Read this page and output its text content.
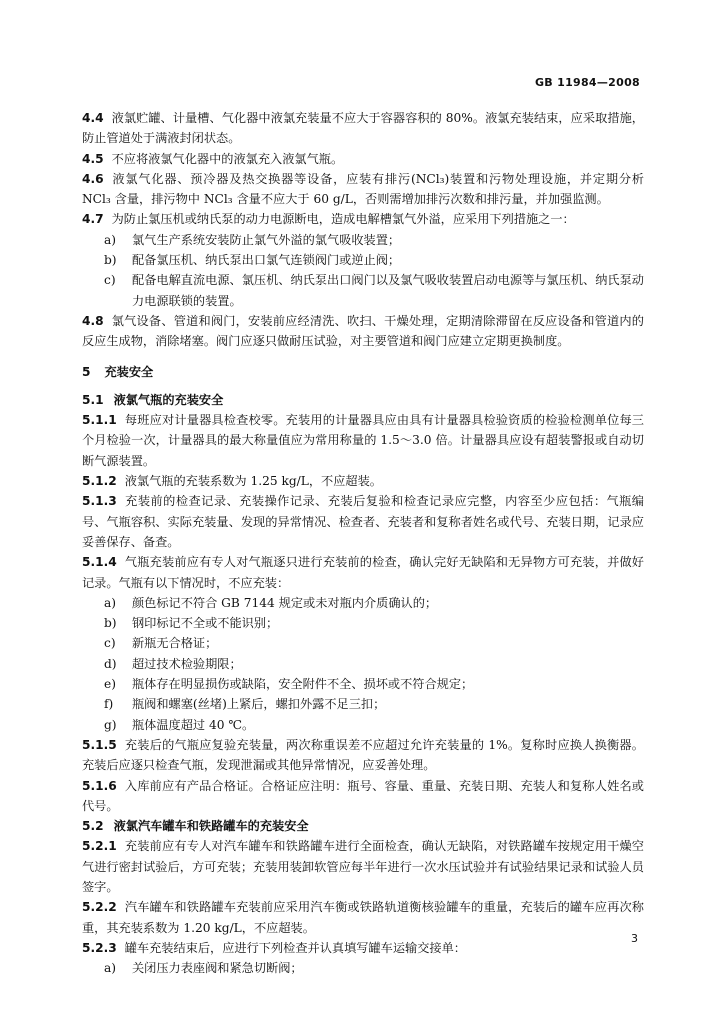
GB 11984—2008

4.4 液氯贮罐、计量槽、气化器中液氯充装量不应大于容器容积的 80%。液氯充装结束，应采取措施，防止管道处于满液封闭状态。

4.5 不应将液氯气化器中的液氯充入液氯气瓶。

4.6 液氯气化器、预冷器及热交换器等设备，应装有排污(NCl₃)装置和污物处理设施，并定期分析 NCl₃ 含量，排污物中 NCl₃ 含量不应大于 60 g/L，否则需增加排污次数和排污量，并加强监测。

4.7 为防止氯压机或纳氏泵的动力电源断电，造成电解槽氯气外溢，应采用下列措施之一：

a)	氯气生产系统安装防止氯气外溢的氯气吸收装置；
b)	配备氯压机、纳氏泵出口氯气连锁阀门或逆止阀；
c)	配备电解直流电源、氯压机、纳氏泵出口阀门以及氯气吸收装置启动电源等与氯压机、纳氏泵动力电源联锁的装置。

4.8 氯气设备、管道和阀门，安装前应经清洗、吹扫、干燥处理，定期清除滞留在反应设备和管道内的反应生成物，消除堵塞。阀门应逐只做耐压试验，对主要管道和阀门应建立定期更换制度。

5 充装安全
5.1 液氯气瓶的充装安全

5.1.1 每班应对计量器具检查校零。充装用的计量器具应由具有计量器具检验资质的检验检测单位每三个月检验一次，计量器具的最大称量值应为常用称量的 1.5～3.0 倍。计量器具应设有超装警报或自动切断气源装置。

5.1.2 液氯气瓶的充装系数为 1.25 kg/L，不应超装。

5.1.3 充装前的检查记录、充装操作记录、充装后复验和检查记录应完整，内容至少应包括：气瓶编号、气瓶容积、实际充装量、发现的异常情况、检查者、充装者和复称者姓名或代号、充装日期，记录应妥善保存、备查。

5.1.4 气瓶充装前应有专人对气瓶逐只进行充装前的检查，确认完好无缺陷和无异物方可充装，并做好记录。气瓶有以下情况时，不应充装：

a)	颜色标记不符合 GB 7144 规定或未对瓶内介质确认的；
b)	钢印标记不全或不能识别；
c)	新瓶无合格证；
d)	超过技术检验期限；
e)	瓶体存在明显损伤或缺陷，安全附件不全、损坏或不符合规定；
f)	瓶阀和螺塞(丝堵)上紧后，螺扣外露不足三扣；
g)	瓶体温度超过 40 ℃。

5.1.5 充装后的气瓶应复验充装量，两次称重误差不应超过允许充装量的 1%。复称时应换人换衡器。充装后应逐只检查气瓶，发现泄漏或其他异常情况，应妥善处理。

5.1.6 入库前应有产品合格证。合格证应注明：瓶号、容量、重量、充装日期、充装人和复称人姓名或代号。

5.2 液氯汽车罐车和铁路罐车的充装安全

5.2.1 充装前应有专人对汽车罐车和铁路罐车进行全面检查，确认无缺陷，对铁路罐车按规定用干燥空气进行密封试验后，方可充装；充装用装卸软管应每半年进行一次水压试验并有试验结果记录和试验人员签字。

5.2.2 汽车罐车和铁路罐车充装前应采用汽车衡或铁路轨道衡核验罐车的重量，充装后的罐车应再次称重，其充装系数为 1.20 kg/L，不应超装。

5.2.3 罐车充装结束后，应进行下列检查并认真填写罐车运输交接单：

a)	关闭压力表座阀和紧急切断阀；
3
